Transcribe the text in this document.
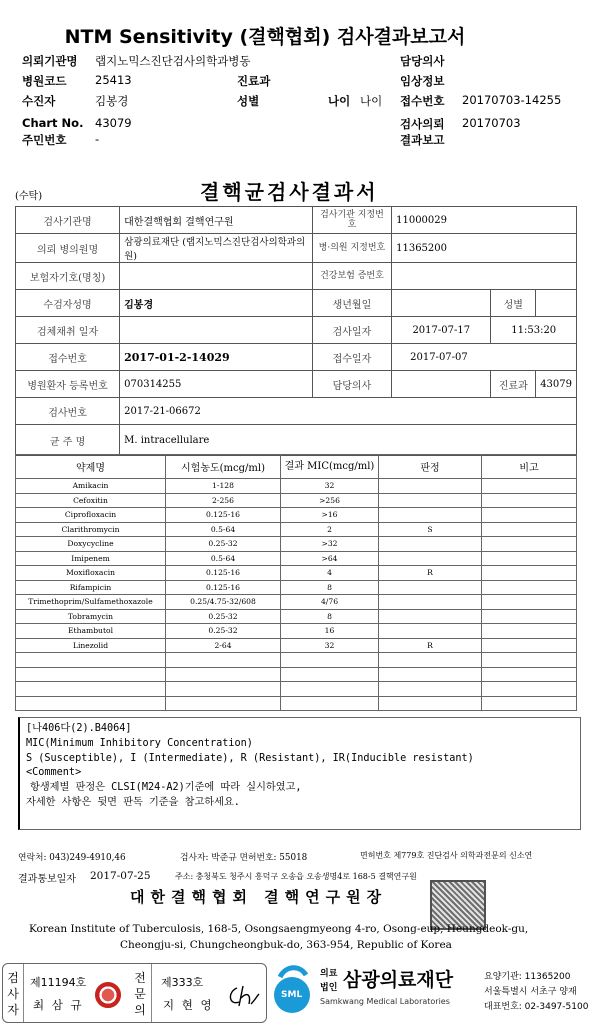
NTM Sensitivity (결핵협회) 검사결과보고서
의뢰기관명 랩지노믹스진단검사의학과병동	담당의사
병원코드 25413	진료과	임상정보
수진자	김봉경	성별	나이 나이 접수번호 20170703-14255
Chart No. 43079	검사의뢰 20170703
주민번호 -	결과보고
(수탁)	결핵균검사결과서
검사기관명	대한결핵협회 결핵연구원	검사기관 지정번호	11000029		
의뢰 병의원명	삼광의료재단 (랩지노믹스진단검사의학과의원)	병·의원 지정번호	11365200		
보험자기호(명칭)		건강보험 증번호			
수검자성명	김봉경	생년월일		성별	
검체채취 일자		검사일자	2017-07-17	11:53:20	
접수번호	2017-01-2-14029	접수일자	2017-07-07		
병원환자 등록번호	070314255	담당의사		진료과	43079
검사번호	2017-21-06672				
균 주 명	M. intracellulare				
약제명	시험농도(mcg/ml)	결과 MIC(mcg/ml)	판정	비고
Amikacin	1-128	32		
Cefoxitin	2-256	>256		
Ciprofloxacin	0.125-16	>16		
Clarithromycin	0.5-64	2	S	
Doxycycline	0.25-32	>32		
Imipenem	0.5-64	>64		
Moxifloxacin	0.125-16	4	R	
Rifampicin	0.125-16	8		
Trimethoprim/Sulfamethoxazole	0.25/4.75-32/608	4/76		
Tobramycin	0.25-32	8		
Ethambutol	0.25-32	16		
Linezolid	2-64	32	R	

[나406다(2).B4064]
MIC(Minimum Inhibitory Concentration)
S (Susceptible), I (Intermediate), R (Resistant), IR(Inducible resistant)
<Comment>
항생제별 판정은 CLSI(M24-A2)기준에 따라 실시하였고,
자세한 사항은 뒷면 판독 기준을 참고하세요.
연락처: 043)249-4910,46	검사자: 박준규 면허번호: 55018	면허번호 제779호 진단검사 의학과전문의 신소연
결과통보일자 2017-07-25	주소: 충청북도 청주시 흥덕구 오송읍 오송생명4로 168-5 결핵연구원
대한결핵협회 결핵연구원장
Korean Institute of Tuberculosis, 168-5, Osongsaengmyeong 4-ro, Osong-eup, Heungdeok-gu,
Cheongju-si, Chungcheongbuk-do, 363-954, Republic of Korea
검사자
제11194호
최 삼 규
전문의
제333호
지 현 영
SML
의료
법인 삼광의료재단
Samkwang Medical Laboratories
요양기관: 11365200
서울특별시 서초구 양재
대표번호: 02-3497-5100
